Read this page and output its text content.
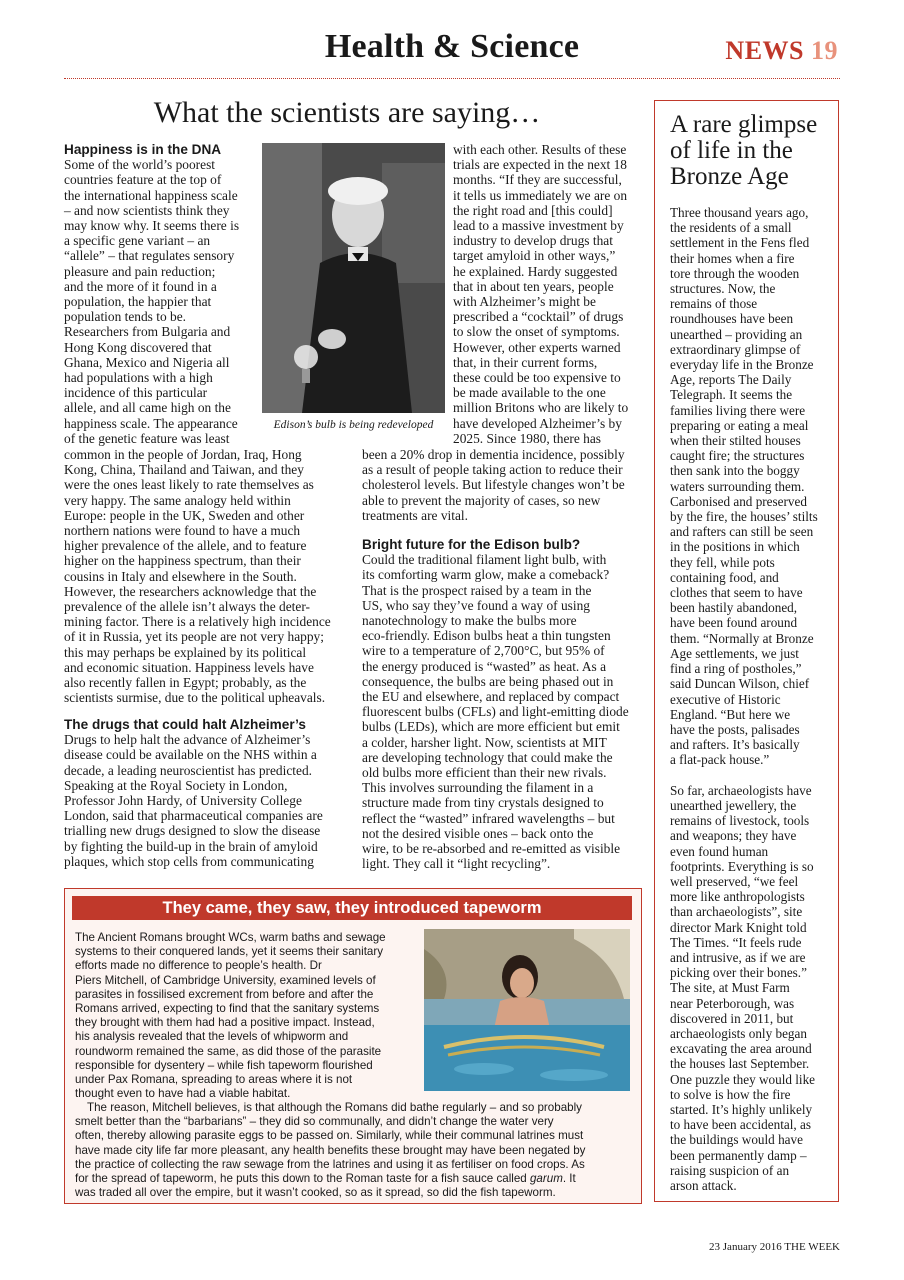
Health & Science	NEWS 19
What the scientists are saying…
Happiness is in the DNA
Some of the world’s poorest
countries feature at the top of
the international happiness scale
– and now scientists think they
may know why. It seems there is
a specific gene variant – an
“allele” – that regulates sensory
pleasure and pain reduction;
and the more of it found in a
population, the happier that
population tends to be.
Researchers from Bulgaria and
Hong Kong discovered that
Ghana, Mexico and Nigeria all
had populations with a high
incidence of this particular
allele, and all came high on the
happiness scale. The appearance
of the genetic feature was least
common in the people of Jordan, Iraq, Hong
Kong, China, Thailand and Taiwan, and they
were the ones least likely to rate themselves as
very happy. The same analogy held within
Europe: people in the UK, Sweden and other
northern nations were found to have a much
higher prevalence of the allele, and to feature
higher on the happiness spectrum, than their
cousins in Italy and elsewhere in the South.
However, the researchers acknowledge that the
prevalence of the allele isn’t always the deter-
mining factor. There is a relatively high incidence
of it in Russia, yet its people are not very happy;
this may perhaps be explained by its political
and economic situation. Happiness levels have
also recently fallen in Egypt; probably, as the
scientists surmise, due to the political upheavals.
Edison’s bulb is being redeveloped
with each other. Results of these
trials are expected in the next 18
months. “If they are successful,
it tells us immediately we are on
the right road and [this could]
lead to a massive investment by
industry to develop drugs that
target amyloid in other ways,”
he explained. Hardy suggested
that in about ten years, people
with Alzheimer’s might be
prescribed a “cocktail” of drugs
to slow the onset of symptoms.
However, other experts warned
that, in their current forms,
these could be too expensive to
be made available to the one
million Britons who are likely to
have developed Alzheimer’s by
2025. Since 1980, there has
been a 20% drop in dementia incidence, possibly
as a result of people taking action to reduce their
cholesterol levels. But lifestyle changes won’t be
able to prevent the majority of cases, so new
treatments are vital.
The drugs that could halt Alzheimer’s
Drugs to help halt the advance of Alzheimer’s
disease could be available on the NHS within a
decade, a leading neuroscientist has predicted.
Speaking at the Royal Society in London,
Professor John Hardy, of University College
London, said that pharmaceutical companies are
trialling new drugs designed to slow the disease
by fighting the build-up in the brain of amyloid
plaques, which stop cells from communicating
Bright future for the Edison bulb?
Could the traditional filament light bulb, with
its comforting warm glow, make a comeback?
That is the prospect raised by a team in the
US, who say they’ve found a way of using
nanotechnology to make the bulbs more
eco-friendly. Edison bulbs heat a thin tungsten
wire to a temperature of 2,700°C, but 95% of
the energy produced is “wasted” as heat. As a
consequence, the bulbs are being phased out in
the EU and elsewhere, and replaced by compact
fluorescent bulbs (CFLs) and light-emitting diode
bulbs (LEDs), which are more efficient but emit
a colder, harsher light. Now, scientists at MIT
are developing technology that could make the
old bulbs more efficient than their new rivals.
This involves surrounding the filament in a
structure made from tiny crystals designed to
reflect the “wasted” infrared wavelengths – but
not the desired visible ones – back onto the
wire, to be re-absorbed and re-emitted as visible
light. They call it “light recycling”.
They came, they saw, they introduced tapeworm
The Ancient Romans brought WCs, warm baths and sewage
systems to their conquered lands, yet it seems their sanitary
efforts made no difference to people’s health. Dr
Piers Mitchell, of Cambridge University, examined levels of
parasites in fossilised excrement from before and after the
Romans arrived, expecting to find that the sanitary systems
they brought with them had had a positive impact. Instead,
his analysis revealed that the levels of whipworm and
roundworm remained the same, as did those of the parasite
responsible for dysentery – while fish tapeworm flourished
under Pax Romana, spreading to areas where it is not
thought even to have had a viable habitat.
The reason, Mitchell believes, is that although the Romans did bathe regularly – and so probably
smelt better than the “barbarians” – they did so communally, and didn’t change the water very
often, thereby allowing parasite eggs to be passed on. Similarly, while their communal latrines must
have made city life far more pleasant, any health benefits these brought may have been negated by
the practice of collecting the raw sewage from the latrines and using it as fertiliser on food crops. As
for the spread of tapeworm, he puts this down to the Roman taste for a fish sauce called garum. It
was traded all over the empire, but it wasn’t cooked, so as it spread, so did the fish tapeworm.
A rare glimpse
of life in the
Bronze Age
Three thousand years ago,
the residents of a small
settlement in the Fens fled
their homes when a fire
tore through the wooden
structures. Now, the
remains of those
roundhouses have been
unearthed – providing an
extraordinary glimpse of
everyday life in the Bronze
Age, reports The Daily
Telegraph. It seems the
families living there were
preparing or eating a meal
when their stilted houses
caught fire; the structures
then sank into the boggy
waters surrounding them.
Carbonised and preserved
by the fire, the houses’ stilts
and rafters can still be seen
in the positions in which
they fell, while pots
containing food, and
clothes that seem to have
been hastily abandoned,
have been found around
them. “Normally at Bronze
Age settlements, we just
find a ring of postholes,”
said Duncan Wilson, chief
executive of Historic
England. “But here we
have the posts, palisades
and rafters. It’s basically
a flat-pack house.”
So far, archaeologists have
unearthed jewellery, the
remains of livestock, tools
and weapons; they have
even found human
footprints. Everything is so
well preserved, “we feel
more like anthropologists
than archaeologists”, site
director Mark Knight told
The Times. “It feels rude
and intrusive, as if we are
picking over their bones.”
The site, at Must Farm
near Peterborough, was
discovered in 2011, but
archaeologists only began
excavating the area around
the houses last September.
One puzzle they would like
to solve is how the fire
started. It’s highly unlikely
to have been accidental, as
the buildings would have
been permanently damp –
raising suspicion of an
arson attack.
23 January 2016 THE WEEK
